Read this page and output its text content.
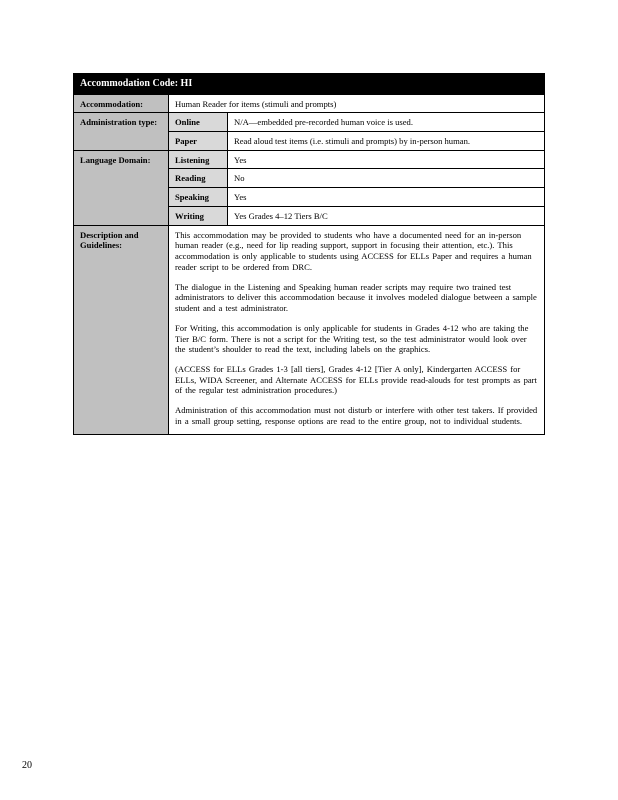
Accommodation Code: HI		
Accommodation:	Human Reader for items (stimuli and prompts)	
Administration type:	Online	N/A—embedded pre-recorded human voice is used.
	Paper	Read aloud test items (i.e. stimuli and prompts) by in-person human.
Language Domain:	Listening	Yes
	Reading	No
	Speaking	Yes
	Writing	Yes Grades 4–12 Tiers B/C
Description and Guidelines:	This accommodation may be provided to students who have a documented need for an in-person human reader (e.g., need for lip reading support, support in focusing their attention, etc.). This accommodation is only applicable to students using ACCESS for ELLs Paper and requires a human reader script to be ordered from DRC.

The dialogue in the Listening and Speaking human reader scripts may require two trained test administrators to deliver this accommodation because it involves modeled dialogue between a sample student and a test administrator.

For Writing, this accommodation is only applicable for students in Grades 4-12 who are taking the Tier B/C form. There is not a script for the Writing test, so the test administrator would look over the student’s shoulder to read the text, including labels on the graphics.

(ACCESS for ELLs Grades 1-3 [all tiers], Grades 4-12 [Tier A only], Kindergarten ACCESS for ELLs, WIDA Screener, and Alternate ACCESS for ELLs provide read-alouds for test prompts as part of the regular test administration procedures.)

Administration of this accommodation must not disturb or interfere with other test takers. If provided in a small group setting, response options are read to the entire group, not to individual students.	

20
